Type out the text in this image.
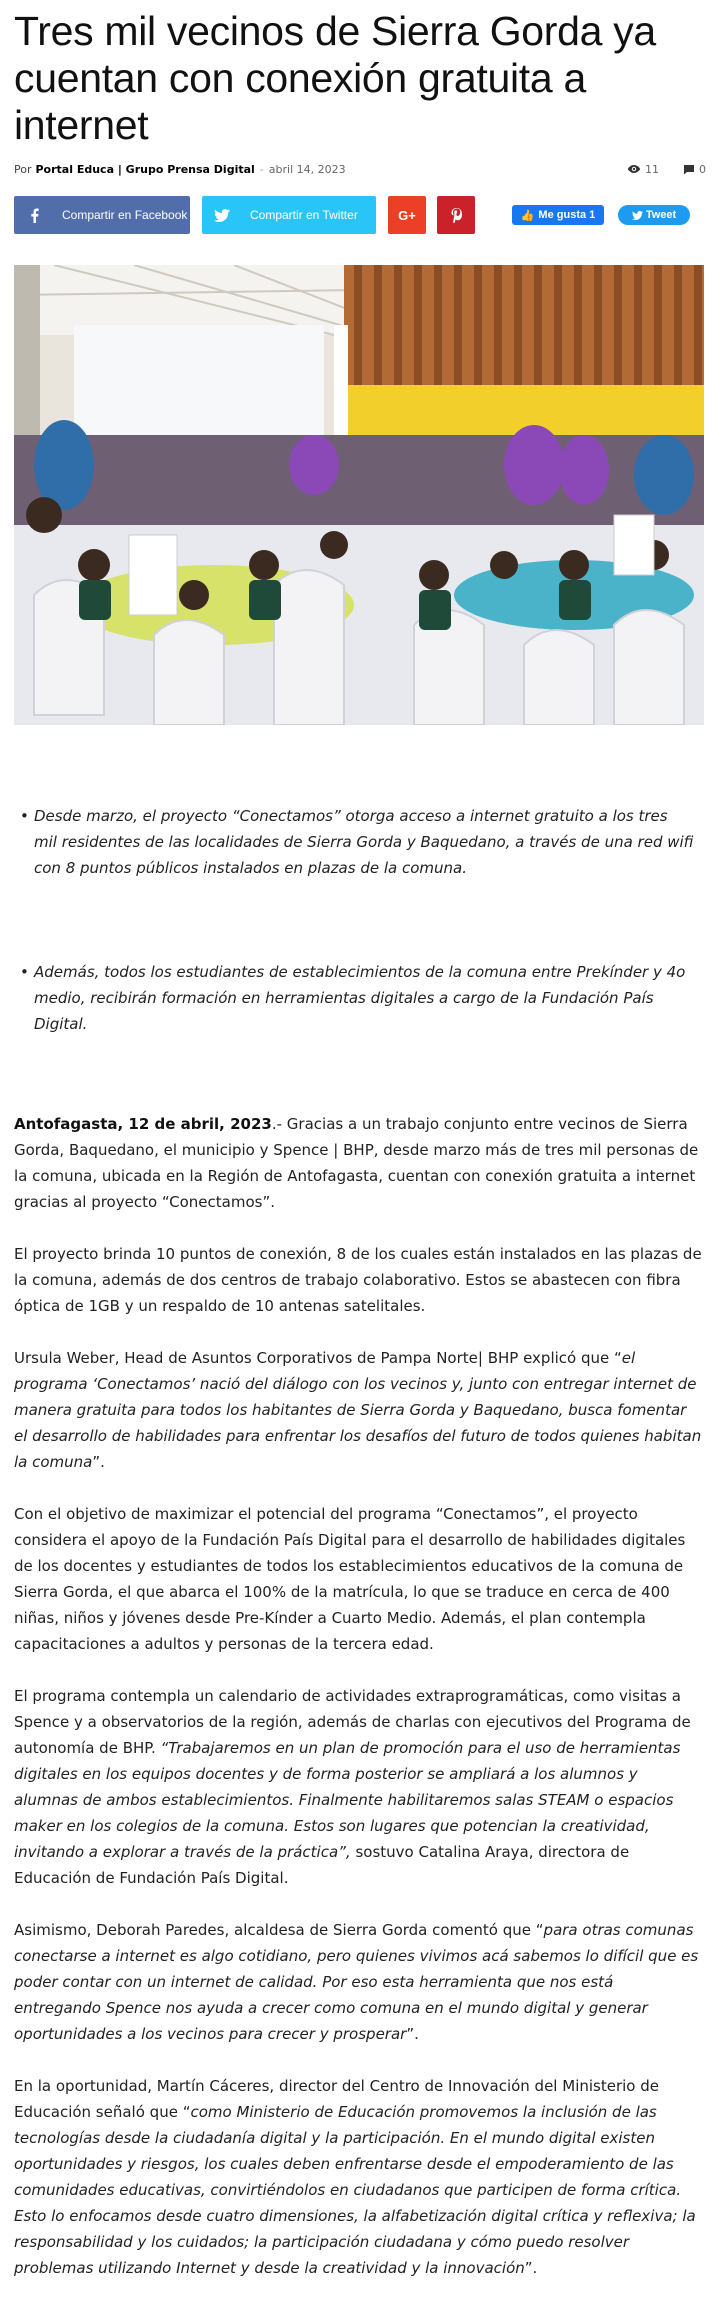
Tres mil vecinos de Sierra Gorda ya cuentan con conexión gratuita a internet
Por Portal Educa | Grupo Prensa Digital - abril 14, 2023	11	0
Compartir en Facebook	Compartir en Twitter	G+	👍 Me gusta 1	Tweet
• Desde marzo, el proyecto “Conectamos” otorga acceso a internet gratuito a los tres mil residentes de las localidades de Sierra Gorda y Baquedano, a través de una red wifi con 8 puntos públicos instalados en plazas de la comuna.
• Además, todos los estudiantes de establecimientos de la comuna entre Prekínder y 4o medio, recibirán formación en herramientas digitales a cargo de la Fundación País Digital.

Antofagasta, 12 de abril, 2023.- Gracias a un trabajo conjunto entre vecinos de Sierra Gorda, Baquedano, el municipio y Spence | BHP, desde marzo más de tres mil personas de la comuna, ubicada en la Región de Antofagasta, cuentan con conexión gratuita a internet gracias al proyecto “Conectamos”.

El proyecto brinda 10 puntos de conexión, 8 de los cuales están instalados en las plazas de la comuna, además de dos centros de trabajo colaborativo. Estos se abastecen con fibra óptica de 1GB y un respaldo de 10 antenas satelitales.

Ursula Weber, Head de Asuntos Corporativos de Pampa Norte| BHP explicó que “el programa ‘Conectamos’ nació del diálogo con los vecinos y, junto con entregar internet de manera gratuita para todos los habitantes de Sierra Gorda y Baquedano, busca fomentar el desarrollo de habilidades para enfrentar los desafíos del futuro de todos quienes habitan la comuna”.

Con el objetivo de maximizar el potencial del programa “Conectamos”, el proyecto considera el apoyo de la Fundación País Digital para el desarrollo de habilidades digitales de los docentes y estudiantes de todos los establecimientos educativos de la comuna de Sierra Gorda, el que abarca el 100% de la matrícula, lo que se traduce en cerca de 400 niñas, niños y jóvenes desde Pre-Kínder a Cuarto Medio. Además, el plan contempla capacitaciones a adultos y personas de la tercera edad.

El programa contempla un calendario de actividades extraprogramáticas, como visitas a Spence y a observatorios de la región, además de charlas con ejecutivos del Programa de autonomía de BHP. “Trabajaremos en un plan de promoción para el uso de herramientas digitales en los equipos docentes y de forma posterior se ampliará a los alumnos y alumnas de ambos establecimientos. Finalmente habilitaremos salas STEAM o espacios maker en los colegios de la comuna. Estos son lugares que potencian la creatividad, invitando a explorar a través de la práctica”, sostuvo Catalina Araya, directora de Educación de Fundación País Digital.

Asimismo, Deborah Paredes, alcaldesa de Sierra Gorda comentó que “para otras comunas conectarse a internet es algo cotidiano, pero quienes vivimos acá sabemos lo difícil que es poder contar con un internet de calidad. Por eso esta herramienta que nos está entregando Spence nos ayuda a crecer como comuna en el mundo digital y generar oportunidades a los vecinos para crecer y prosperar”.

En la oportunidad, Martín Cáceres, director del Centro de Innovación del Ministerio de Educación señaló que “como Ministerio de Educación promovemos la inclusión de las tecnologías desde la ciudadanía digital y la participación. En el mundo digital existen oportunidades y riesgos, los cuales deben enfrentarse desde el empoderamiento de las comunidades educativas, convirtiéndolos en ciudadanos que participen de forma crítica. Esto lo enfocamos desde cuatro dimensiones, la alfabetización digital crítica y reflexiva; la responsabilidad y los cuidados; la participación ciudadana y cómo puedo resolver problemas utilizando Internet y desde la creatividad y la innovación”.
